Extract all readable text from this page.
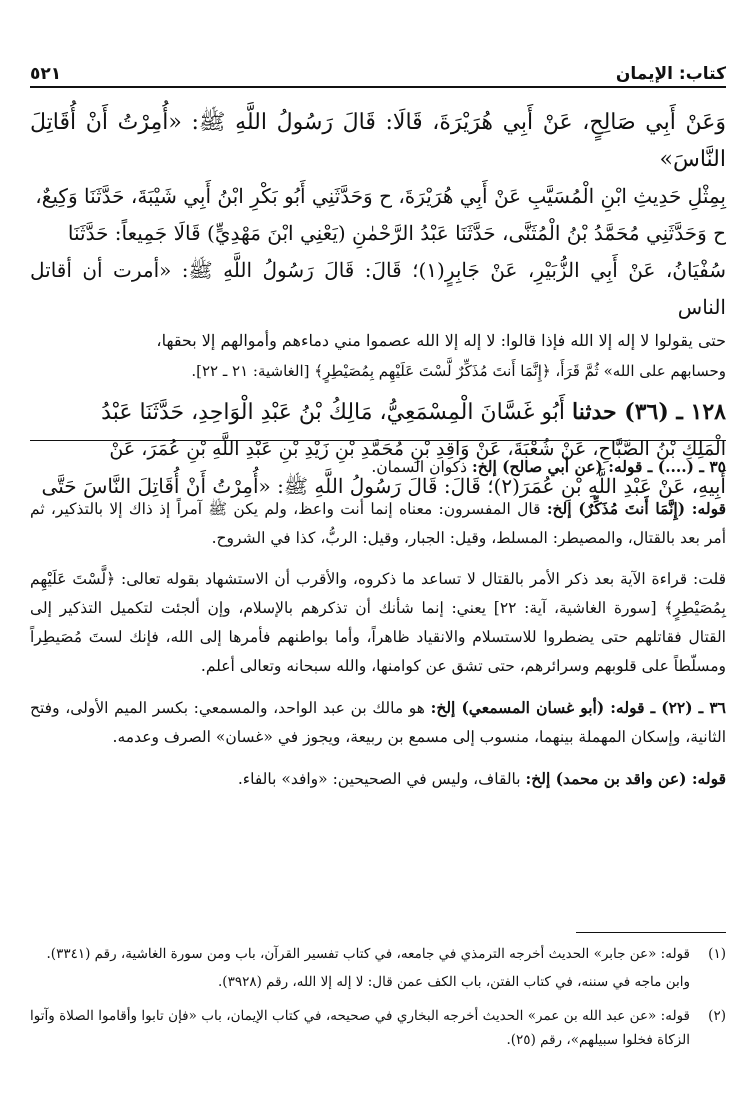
كتاب: الإيمان
٥٢١

وَعَنْ أَبِي صَالِحٍ، عَنْ أَبِي هُرَيْرَةَ، قَالَا: قَالَ رَسُولُ اللَّهِ ﷺ: «أُمِرْتُ أَنْ أُقَاتِلَ النَّاسَ»

بِمِثْلِ حَدِيثِ ابْنِ الْمُسَيَّبِ عَنْ أَبِي هُرَيْرَةَ، ح وَحَدَّثَنِي أَبُو بَكْرِ ابْنُ أَبِي شَيْبَةَ، حَدَّثَنَا وَكِيعٌ،

ح وَحَدَّثَنِي مُحَمَّدُ بْنُ الْمُثَنَّى، حَدَّثَنَا عَبْدُ الرَّحْمٰنِ (يَعْنِي ابْنَ مَهْدِيٍّ) قَالَا جَمِيعاً: حَدَّثَنَا

سُفْيَانُ، عَنْ أَبِي الزُّبَيْرِ، عَنْ جَابِرٍ(١)؛ قَالَ: قَالَ رَسُولُ اللَّهِ ﷺ: «أمرت أن أقاتل الناس

حتى يقولوا لا إله إلا الله فإذا قالوا: لا إله إلا الله عصموا مني دماءهم وأموالهم إلا بحقها،

وحسابهم على الله» ثُمَّ قَرَأَ، ﴿إِنَّمَا أَنتَ مُذَكِّرٌ لَّسْتَ عَلَيْهِم بِمُصَيْطِرٍ﴾ [الغاشية: ٢١ ـ ٢٢].

١٢٨ ـ (٣٦) حدثنا أَبُو غَسَّانَ الْمِسْمَعِيُّ، مَالِكُ بْنُ عَبْدِ الْوَاحِدِ، حَدَّثَنَا عَبْدُ

الْمَلِكِ بْنُ الصَّبَّاحِ، عَنْ شُعْبَةَ، عَنْ وَاقِدِ بْنِ مُحَمَّدِ بْنِ زَيْدِ بْنِ عَبْدِ اللَّهِ بْنِ عُمَرَ، عَنْ

أَبِيهِ، عَنْ عَبْدِ اللَّهِ بْنِ عُمَرَ(٢)؛ قَالَ: قَالَ رَسُولُ اللَّهِ ﷺ: «أُمِرْتُ أَنْ أُقَاتِلَ النَّاسَ حَتَّى

٣٥ ـ (....) ـ قوله: (عن أبي صالح) إلخ: ذكوان السمان.

قوله: (إِنَّمَا أَنتَ مُذَكِّرٌ) إلخ: قال المفسرون: معناه إنما أنت واعظ، ولم يكن ﷺ آمراً إذ ذاك إلا بالتذكير، ثم أمر بعد بالقتال، والمصيطر: المسلط، وقيل: الجبار، وقيل: الربُّ، كذا في الشروح.

قلت: قراءة الآية بعد ذكر الأمر بالقتال لا تساعد ما ذكروه، والأقرب أن الاستشهاد بقوله تعالى: ﴿لَّسْتَ عَلَيْهِم بِمُصَيْطِرٍ﴾ [سورة الغاشية، آية: ٢٢] يعني: إنما شأنك أن تذكرهم بالإسلام، وإن ألجئت لتكميل التذكير إلى القتال فقاتلهم حتى يضطروا للاستسلام والانقياد ظاهراً، وأما بواطنهم فأمرها إلى الله، فإنك لستَ مُصَيطِراً ومسلّطاً على قلوبهم وسرائرهم، حتى تشق عن كوامنها، والله سبحانه وتعالى أعلم.

٣٦ ـ (٢٢) ـ قوله: (أبو غسان المسمعي) إلخ: هو مالك بن عبد الواحد، والمسمعي: بكسر الميم الأولى، وفتح الثانية، وإسكان المهملة بينهما، منسوب إلى مسمع بن ربيعة، ويجوز في «غسان» الصرف وعدمه.

قوله: (عن واقد بن محمد) إلخ: بالقاف، وليس في الصحيحين: «وافد» بالفاء.

(١)

قوله: «عن جابر» الحديث أخرجه الترمذي في جامعه، في كتاب تفسير القرآن، باب ومن سورة الغاشية، رقم (٣٣٤١).

وابن ماجه في سننه، في كتاب الفتن، باب الكف عمن قال: لا إله إلا الله، رقم (٣٩٢٨).

(٢)

قوله: «عن عبد الله بن عمر» الحديث أخرجه البخاري في صحيحه، في كتاب الإيمان، باب «فإن تابوا وأقاموا الصلاة وآتوا الزكاة فخلوا سبيلهم»، رقم (٢٥).
